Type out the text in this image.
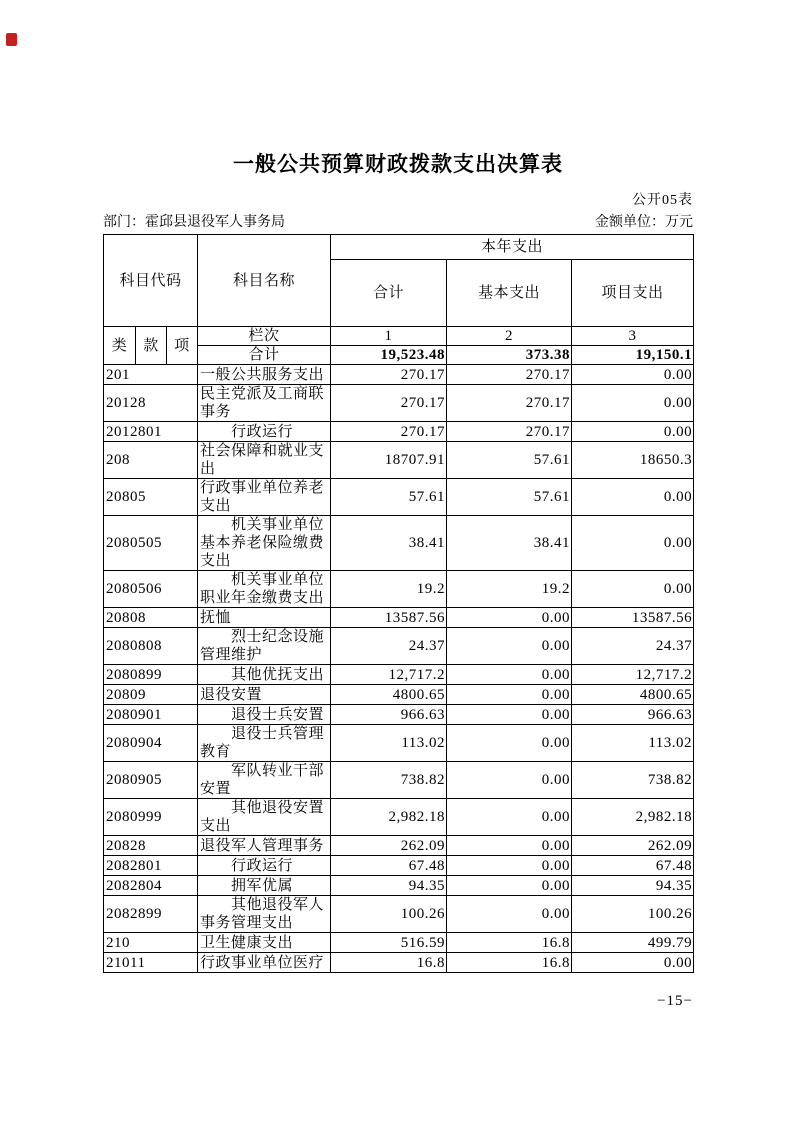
一般公共预算财政拨款支出决算表
公开05表
部门：霍邱县退役军人事务局	金额单位：万元
科目代码			科目名称	本年支出		
				合计	基本支出	项目支出
类	款	项	栏次	1	2	3
			合计	19,523.48	373.38	19,150.1
201			一般公共服务支出	270.17	270.17	0.00
20128			民主党派及工商联事务	270.17	270.17	0.00
2012801			　　行政运行	270.17	270.17	0.00
208			社会保障和就业支出	18707.91	57.61	18650.3
20805			行政事业单位养老支出	57.61	57.61	0.00
2080505			　　机关事业单位基本养老保险缴费支出	38.41	38.41	0.00
2080506			　　机关事业单位职业年金缴费支出	19.2	19.2	0.00
20808			抚恤	13587.56	0.00	13587.56
2080808			　　烈士纪念设施管理维护	24.37	0.00	24.37
2080899			　　其他优抚支出	12,717.2	0.00	12,717.2
20809			退役安置	4800.65	0.00	4800.65
2080901			　　退役士兵安置	966.63	0.00	966.63
2080904			　　退役士兵管理教育	113.02	0.00	113.02
2080905			　　军队转业干部安置	738.82	0.00	738.82
2080999			　　其他退役安置支出	2,982.18	0.00	2,982.18
20828			退役军人管理事务	262.09	0.00	262.09
2082801			　　行政运行	67.48	0.00	67.48
2082804			　　拥军优属	94.35	0.00	94.35
2082899			　　其他退役军人事务管理支出	100.26	0.00	100.26
210			卫生健康支出	516.59	16.8	499.79
21011			行政事业单位医疗	16.8	16.8	0.00
−15−
